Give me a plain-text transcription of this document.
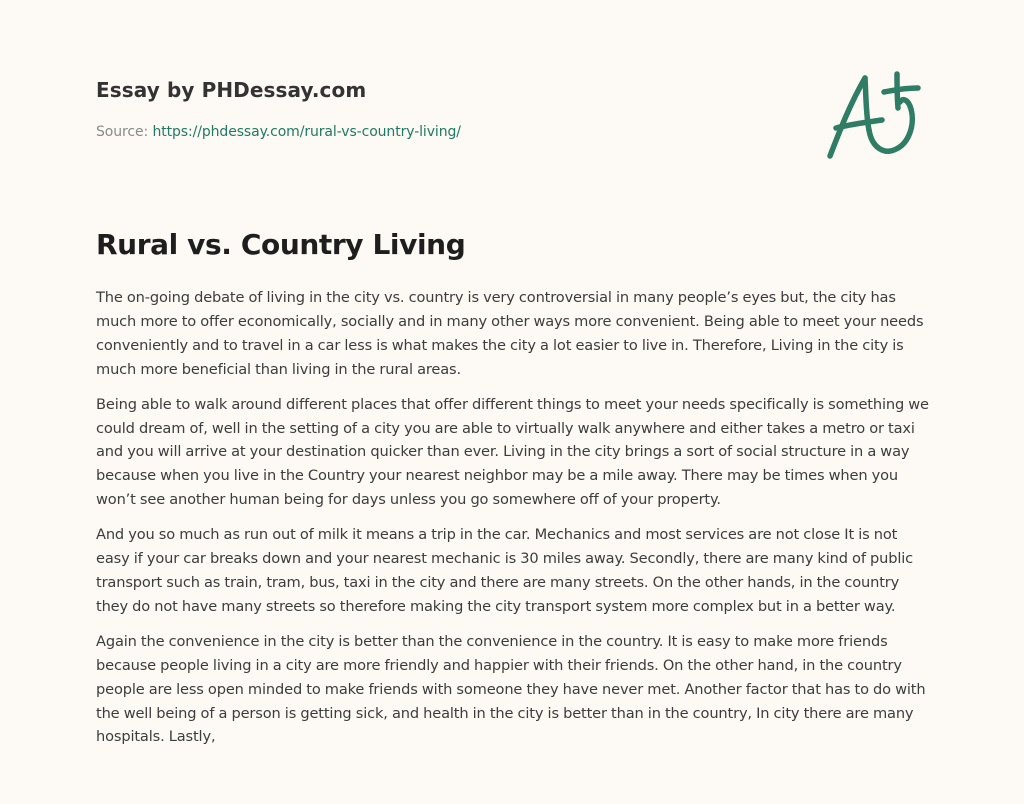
Essay by PHDessay.com
Source: https://phdessay.com/rural-vs-country-living/
Rural vs. Country Living

The on-going debate of living in the city vs. country is very controversial in many people’s eyes but, the city has much more to offer economically, socially and in many other ways more convenient. Being able to meet your needs conveniently and to travel in a car less is what makes the city a lot easier to live in. Therefore, Living in the city is much more beneficial than living in the rural areas.

Being able to walk around different places that offer different things to meet your needs specifically is something we could dream of, well in the setting of a city you are able to virtually walk anywhere and either takes a metro or taxi and you will arrive at your destination quicker than ever. Living in the city brings a sort of social structure in a way because when you live in the Country your nearest neighbor may be a mile away. There may be times when you won’t see another human being for days unless you go somewhere off of your property.

And you so much as run out of milk it means a trip in the car. Mechanics and most services are not close It is not easy if your car breaks down and your nearest mechanic is 30 miles away. Secondly, there are many kind of public transport such as train, tram, bus, taxi in the city and there are many streets. On the other hands, in the country they do not have many streets so therefore making the city transport system more complex but in a better way.

Again the convenience in the city is better than the convenience in the country. It is easy to make more friends because people living in a city are more friendly and happier with their friends. On the other hand, in the country people are less open minded to make friends with someone they have never met. Another factor that has to do with the well being of a person is getting sick, and health in the city is better than in the country, In city there are many hospitals. Lastly,
